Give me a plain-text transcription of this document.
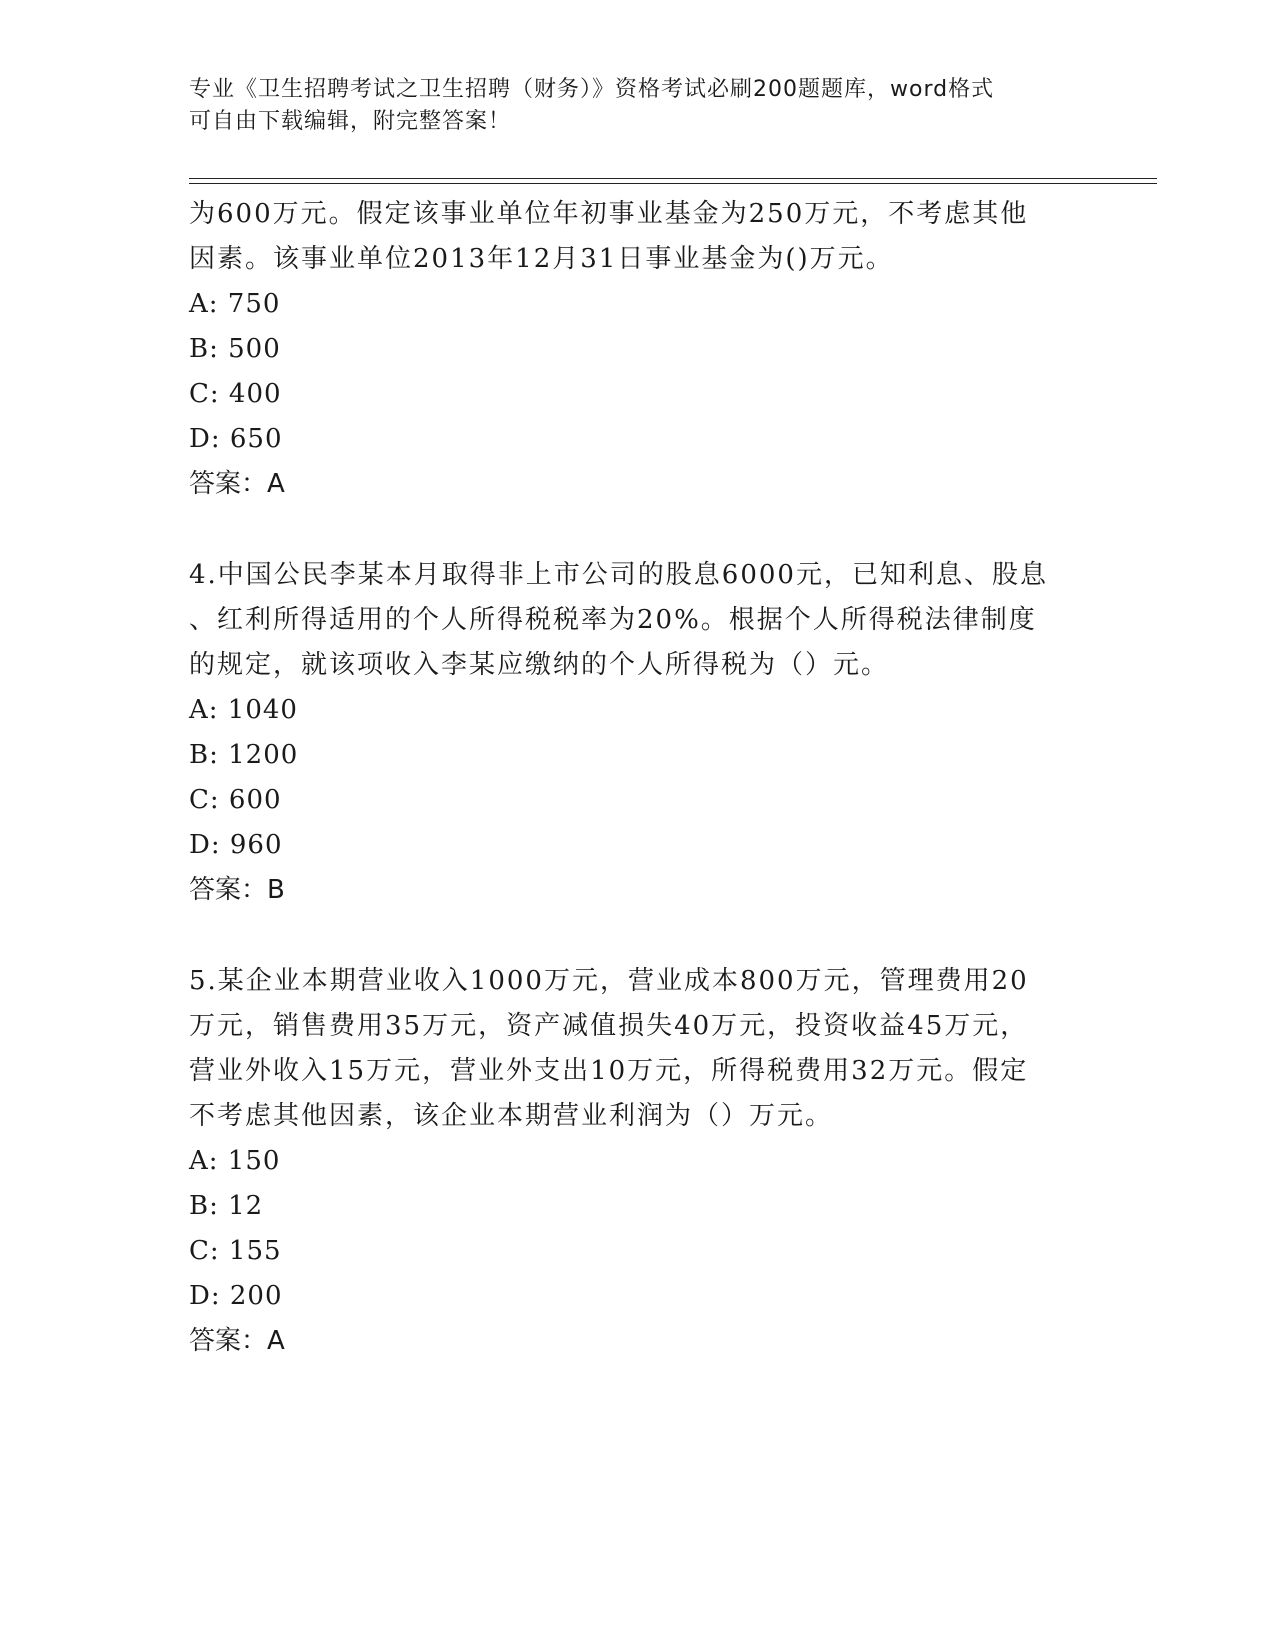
专业《卫生招聘考试之卫生招聘（财务）》资格考试必刷200题题库，word格式
可自由下载编辑，附完整答案！

为600万元。假定该事业单位年初事业基金为250万元，不考虑其他
因素。该事业单位2013年12月31日事业基金为()万元。

A: 750

B: 500

C: 400

D: 650

答案：A

4.中国公民李某本月取得非上市公司的股息6000元，已知利息、股息
、红利所得适用的个人所得税税率为20%。根据个人所得税法律制度
的规定，就该项收入李某应缴纳的个人所得税为（）元。

A: 1040

B: 1200

C: 600

D: 960

答案：B

5.某企业本期营业收入1000万元，营业成本800万元，管理费用20
万元，销售费用35万元，资产减值损失40万元，投资收益45万元，
营业外收入15万元，营业外支出10万元，所得税费用32万元。假定
不考虑其他因素，该企业本期营业利润为（）万元。

A: 150

B: 12

C: 155

D: 200

答案：A
